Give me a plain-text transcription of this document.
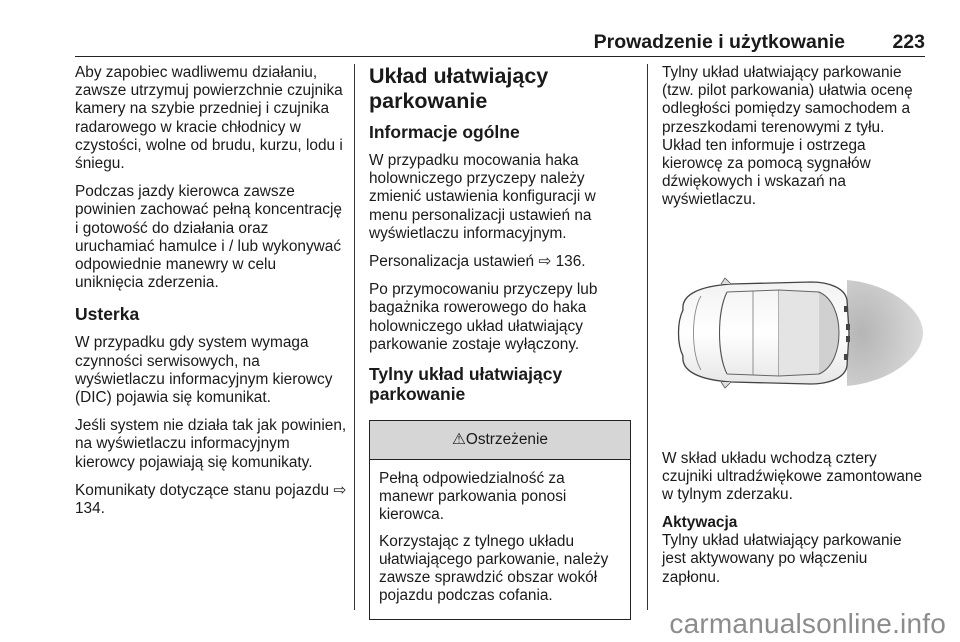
Prowadzenie i użytkowanie 223

Aby zapobiec wadliwemu działaniu, zawsze utrzymuj powierzchnie czujnika kamery na szybie przedniej i czujnika radarowego w kracie chłodnicy w czystości, wolne od brudu, kurzu, lodu i śniegu.

Podczas jazdy kierowca zawsze powinien zachować pełną koncentrację i gotowość do działania oraz uruchamiać hamulce i / lub wykonywać odpowiednie manewry w celu uniknięcia zderzenia.

Usterka

W przypadku gdy system wymaga czynności serwisowych, na wyświetlaczu informacyjnym kierowcy (DIC) pojawia się komunikat.

Jeśli system nie działa tak jak powinien, na wyświetlaczu informacyjnym kierowcy pojawiają się komunikaty.

Komunikaty dotyczące stanu pojazdu ⇨ 134.

Układ ułatwiający parkowanie
Informacje ogólne

W przypadku mocowania haka holowniczego przyczepy należy zmienić ustawienia konfiguracji w menu personalizacji ustawień na wyświetlaczu informacyjnym.

Personalizacja ustawień ⇨ 136.

Po przymocowaniu przyczepy lub bagażnika rowerowego do haka holowniczego układ ułatwiający parkowanie zostaje wyłączony.

Tylny układ ułatwiający parkowanie
⚠ Ostrzeżenie

Pełną odpowiedzialność za manewr parkowania ponosi kierowca.

Korzystając z tylnego układu ułatwiającego parkowanie, należy zawsze sprawdzić obszar wokół pojazdu podczas cofania.

Tylny układ ułatwiający parkowanie (tzw. pilot parkowania) ułatwia ocenę odległości pomiędzy samochodem a przeszkodami terenowymi z tyłu. Układ ten informuje i ostrzega kierowcę za pomocą sygnałów dźwiękowych i wskazań na wyświetlaczu.

W skład układu wchodzą cztery czujniki ultradźwiękowe zamontowane w tylnym zderzaku.

Aktywacja

Tylny układ ułatwiający parkowanie jest aktywowany po włączeniu zapłonu.

carmanualsonline.info
